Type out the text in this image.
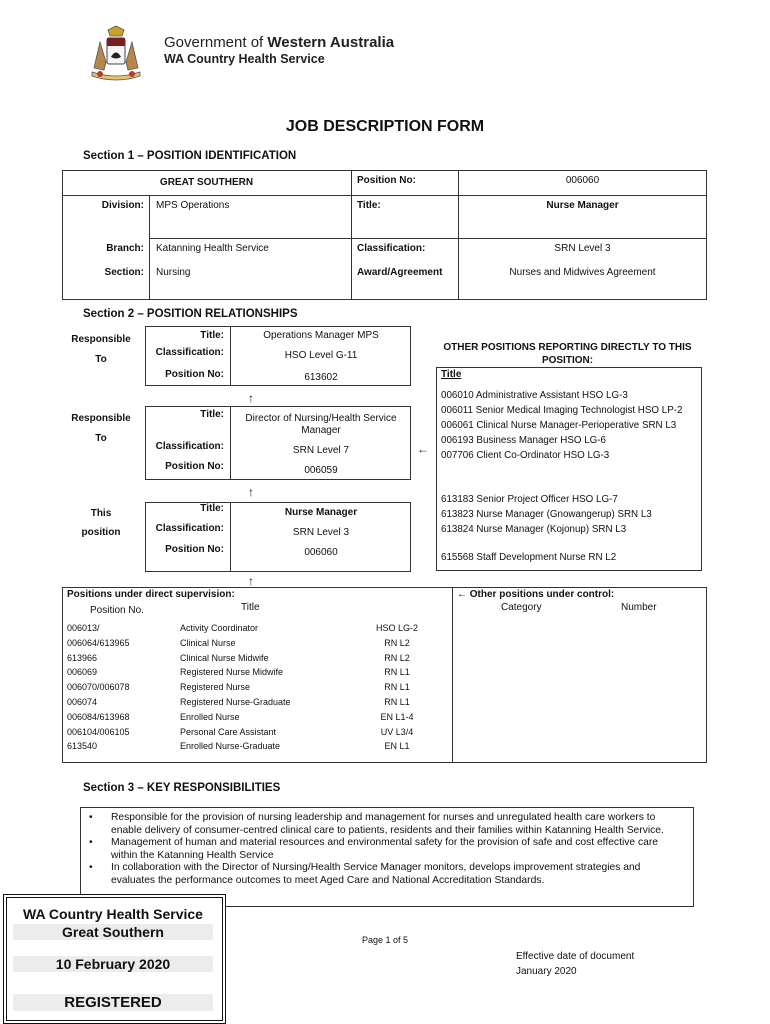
Government of Western Australia
WA Country Health Service
JOB DESCRIPTION FORM
Section 1 – POSITION IDENTIFICATION
GREAT SOUTHERN	Position No:	006060
Division: MPS Operations	Title:	Nurse Manager
Branch: Katanning Health Service	Classification:	SRN Level 3
Section: Nursing	Award/Agreement	Nurses and Midwives Agreement
Section 2 – POSITION RELATIONSHIPS
Responsible
To
Responsible
To
This
position
Title:	Operations Manager MPS
Classification:	HSO Level G-11
Position No:	613602
↑
Title:	Director of Nursing/Health Service Manager
Classification:	SRN Level 7
Position No:	006059
←
↑
Title:	Nurse Manager
Classification:	SRN Level 3
Position No:	006060
↑
OTHER POSITIONS REPORTING DIRECTLY TO THIS POSITION:
Title
006010 Administrative Assistant HSO LG-3
006011 Senior Medical Imaging Technologist HSO LP-2
006061 Clinical Nurse Manager-Perioperative SRN L3
006193 Business Manager HSO LG-6
007706 Client Co-Ordinator HSO LG-3
613183 Senior Project Officer HSO LG-7
613823 Nurse Manager (Gnowangerup) SRN L3
613824 Nurse Manager (Kojonup) SRN L3
615568 Staff Development Nurse RN L2
Positions under direct supervision:
Position No.	Title
← Other positions under control:
Category	Number
006013/	Activity Coordinator	HSO LG-2
006064/613965	Clinical Nurse	RN L2
613966	Clinical Nurse Midwife	RN L2
006069	Registered Nurse Midwife	RN L1
006070/006078	Registered Nurse	RN L1
006074	Registered Nurse-Graduate	RN L1
006084/613968	Enrolled Nurse	EN L1-4
006104/006105	Personal Care Assistant	UV L3/4
613540	Enrolled Nurse-Graduate	EN L1
Section 3 – KEY RESPONSIBILITIES
• Responsible for the provision of nursing leadership and management for nurses and unregulated health care workers to enable delivery of consumer-centred clinical care to patients, residents and their families within Katanning Health Service.
• Management of human and material resources and environmental safety for the provision of safe and cost effective care within the Katanning Health Service
• In collaboration with the Director of Nursing/Health Service Manager monitors, develops improvement strategies and evaluates the performance outcomes to meet Aged Care and National Accreditation Standards.
WA Country Health Service
Great Southern
10 February 2020
REGISTERED
Page 1 of 5
Effective date of document
January 2020
